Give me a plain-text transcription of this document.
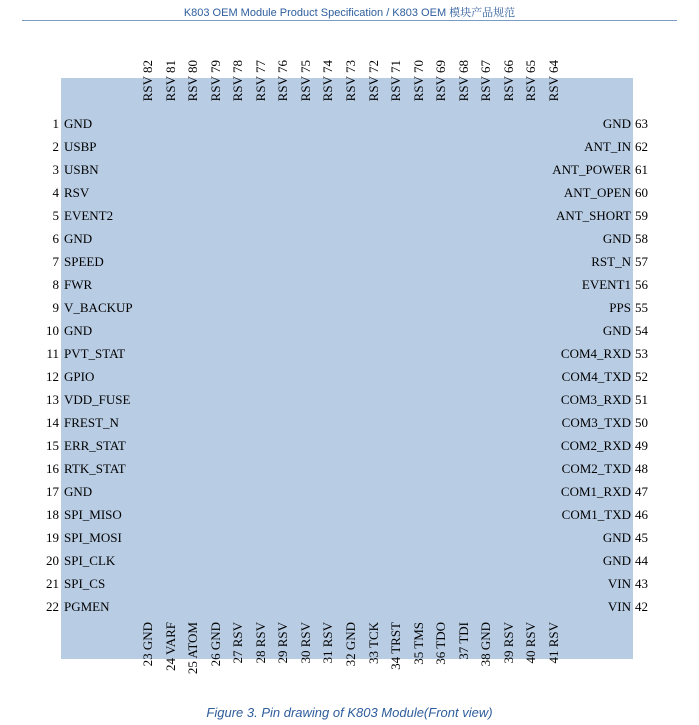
K803 OEM Module Product Specification / K803 OEM 模块产品规范
1 GND
2 USBP
3 USBN
4 RSV
5 EVENT2
6 GND
7 SPEED
8 FWR
9 V_BACKUP
10 GND
11 PVT_STAT
12 GPIO
13 VDD_FUSE
14 FREST_N
15 ERR_STAT
16 RTK_STAT
17 GND
18 SPI_MISO
19 SPI_MOSI
20 SPI_CLK
21 SPI_CS
22 PGMEN
GND 63
ANT_IN 62
ANT_POWER 61
ANT_OPEN 60
ANT_SHORT 59
GND 58
RST_N 57
EVENT1 56
PPS 55
GND 54
COM4_RXD 53
COM4_TXD 52
COM3_RXD 51
COM3_TXD 50
COM2_RXD 49
COM2_TXD 48
COM1_RXD 47
COM1_TXD 46
GND 45
GND 44
VIN 43
VIN 42
RSV 82 RSV 81 RSV 80 RSV 79 RSV 78 RSV 77 RSV 76 RSV 75 RSV 74 RSV 73 RSV 72 RSV 71 RSV 70 RSV 69 RSV 68 RSV 67 RSV 66 RSV 65 RSV 64
23 GND 24 VARF 25 ATOM 26 GND 27 RSV 28 RSV 29 RSV 30 RSV 31 RSV 32 GND 33 TCK 34 TRST 35 TMS 36 TDO 37 TDI 38 GND 39 RSV 40 RSV 41 RSV
Figure 3. Pin drawing of K803 Module(Front view)
